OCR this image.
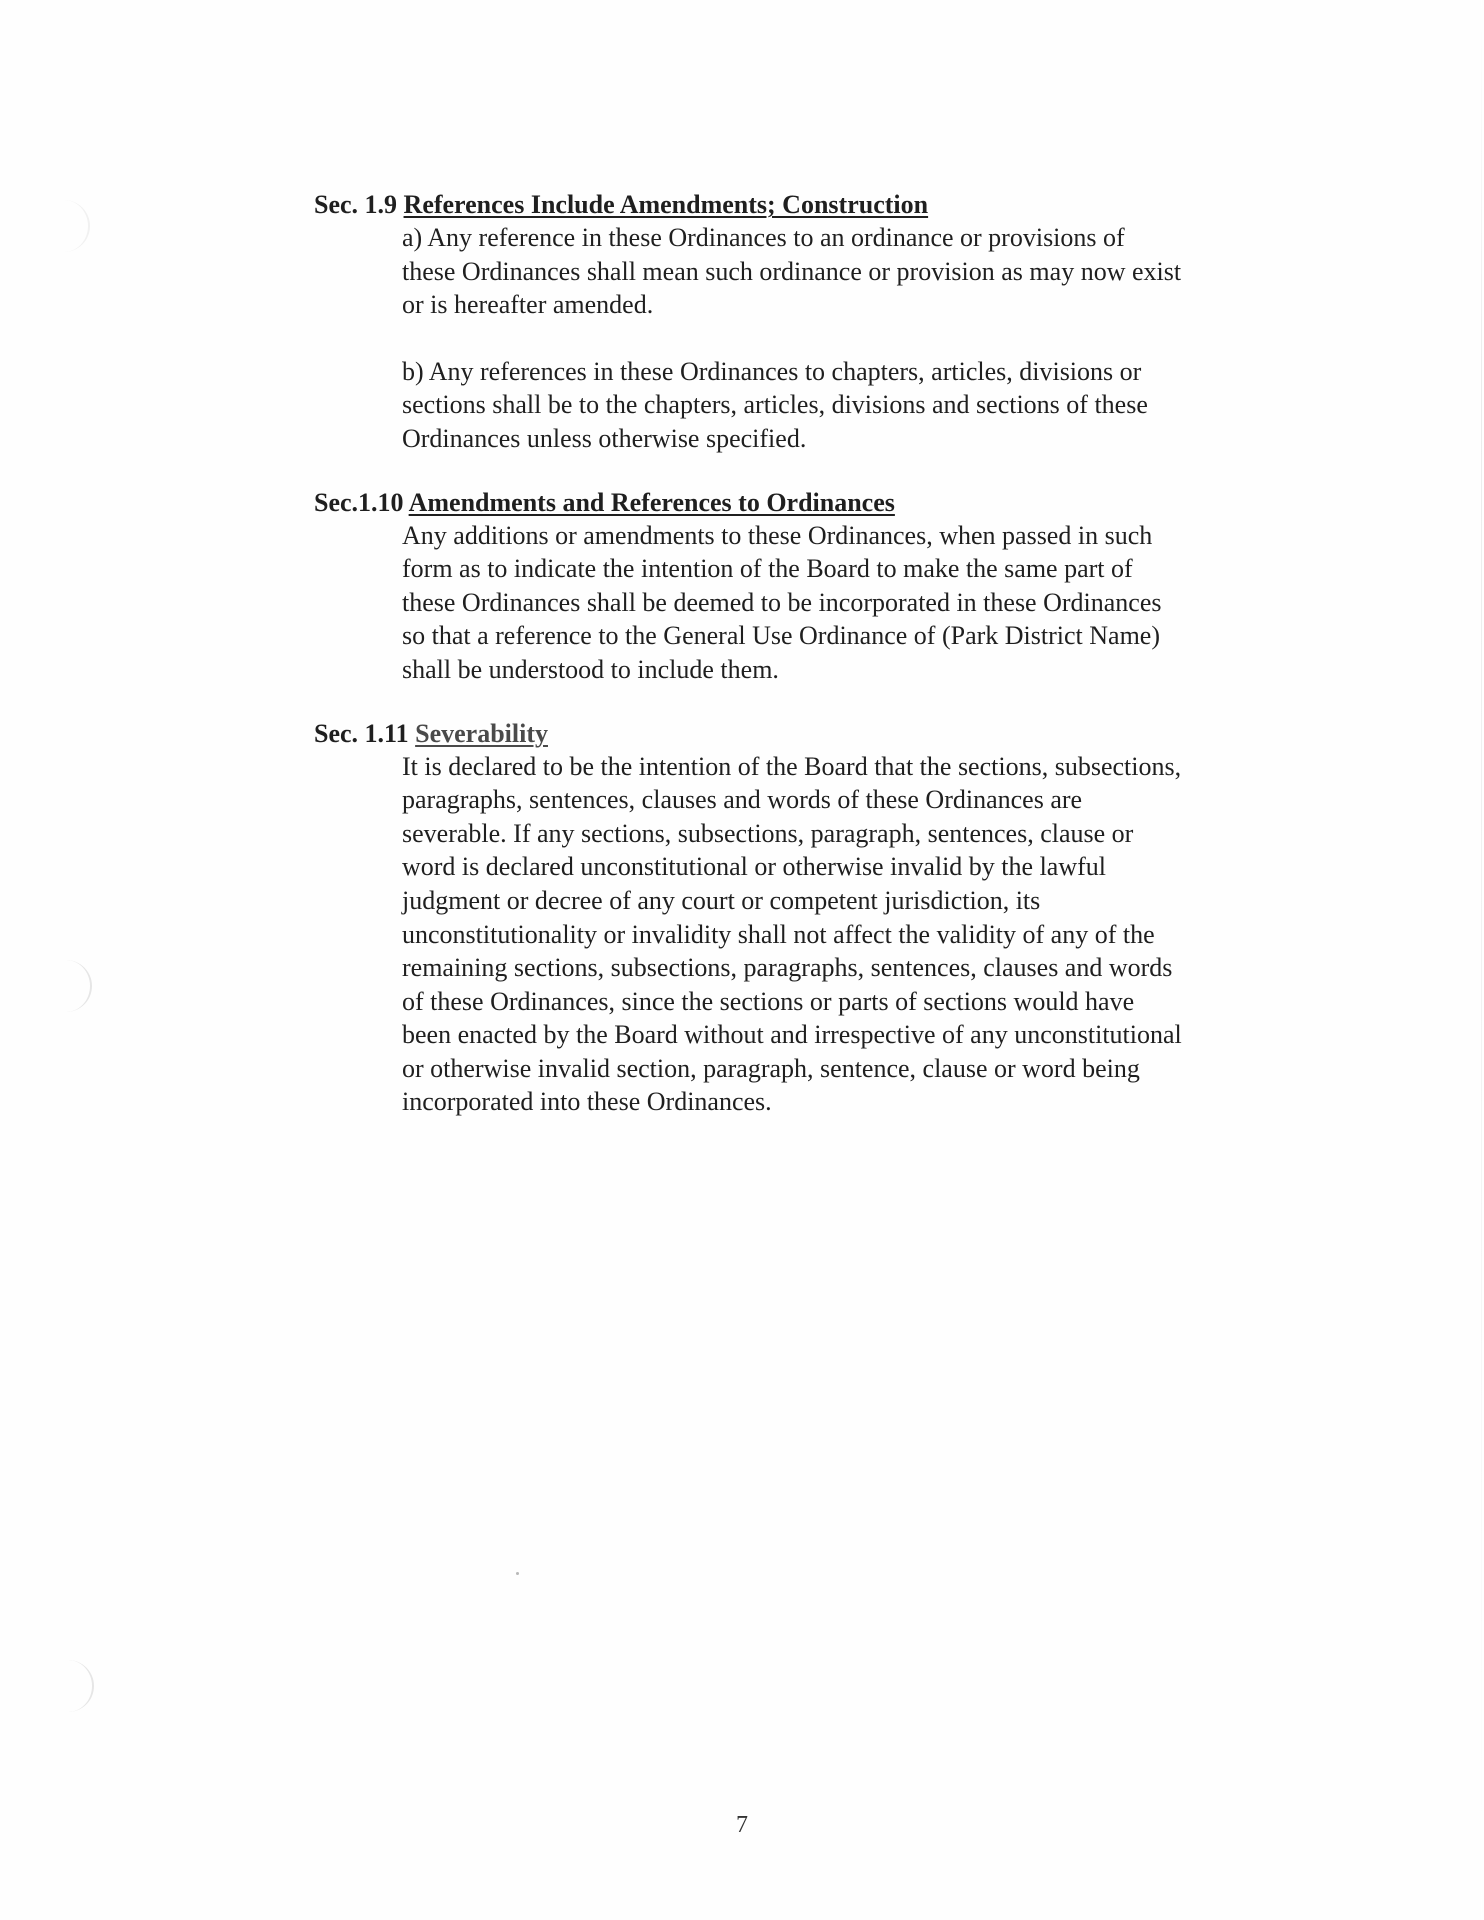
Sec. 1.9 References Include Amendments; Construction
a) Any reference in these Ordinances to an ordinance or provisions of
these Ordinances shall mean such ordinance or provision as may now exist
or is hereafter amended.
b) Any references in these Ordinances to chapters, articles, divisions or
sections shall be to the chapters, articles, divisions and sections of these
Ordinances unless otherwise specified.
Sec.1.10 Amendments and References to Ordinances
Any additions or amendments to these Ordinances, when passed in such
form as to indicate the intention of the Board to make the same part of
these Ordinances shall be deemed to be incorporated in these Ordinances
so that a reference to the General Use Ordinance of (Park District Name)
shall be understood to include them.
Sec. 1.11 Severability
It is declared to be the intention of the Board that the sections, subsections,
paragraphs, sentences, clauses and words of these Ordinances are
severable. If any sections, subsections, paragraph, sentences, clause or
word is declared unconstitutional or otherwise invalid by the lawful
judgment or decree of any court or competent jurisdiction, its
unconstitutionality or invalidity shall not affect the validity of any of the
remaining sections, subsections, paragraphs, sentences, clauses and words
of these Ordinances, since the sections or parts of sections would have
been enacted by the Board without and irrespective of any unconstitutional
or otherwise invalid section, paragraph, sentence, clause or word being
incorporated into these Ordinances.
7
